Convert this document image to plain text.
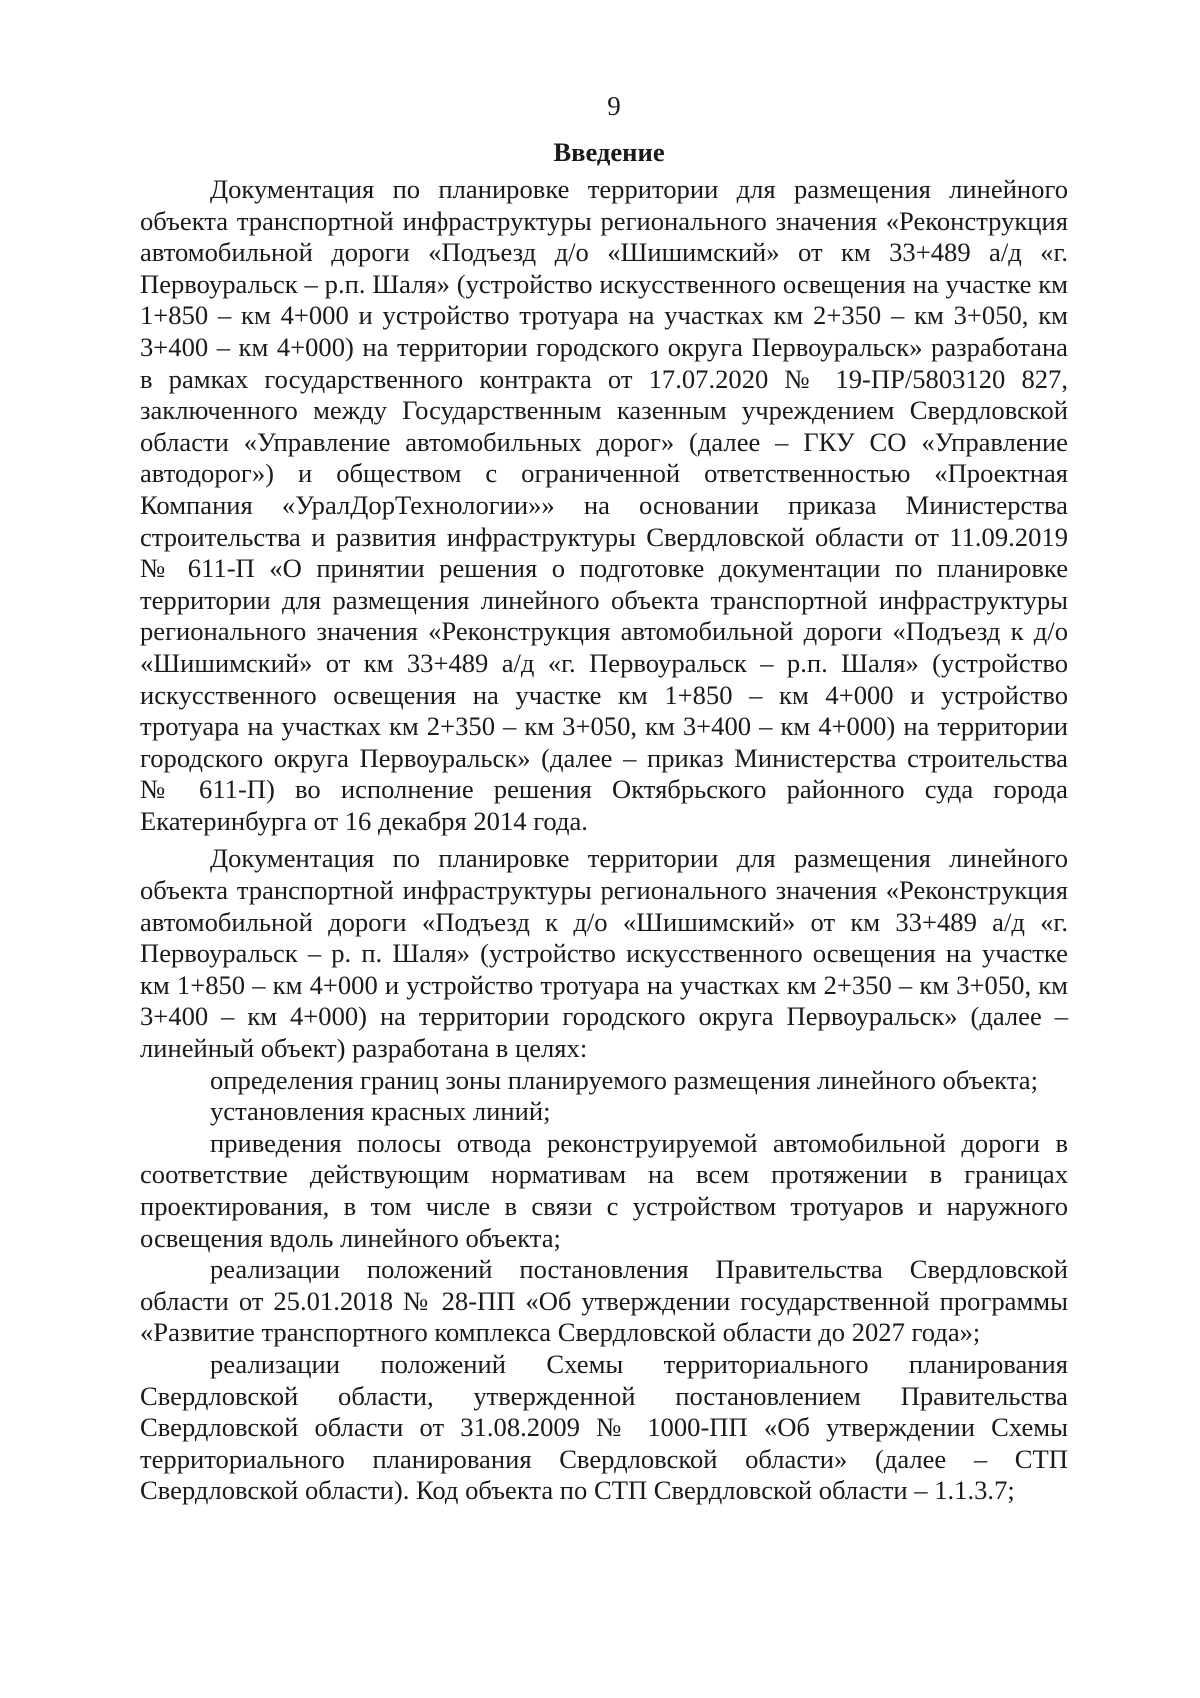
9
Введение

Документация по планировке территории для размещения линейного объекта транспортной инфраструктуры регионального значения «Реконструкция автомобильной дороги «Подъезд д/о «Шишимский» от км 33+489 а/д «г. Первоуральск – р.п. Шаля» (устройство искусственного освещения на участке км 1+850 – км 4+000 и устройство тротуара на участках км 2+350 – км 3+050, км 3+400 – км 4+000) на территории городского округа Первоуральск» разработана в рамках государственного контракта от 17.07.2020 № 19-ПР/5803120 827, заключенного между Государственным казенным учреждением Свердловской области «Управление автомобильных дорог» (далее – ГКУ СО «Управление автодорог») и обществом с ограниченной ответственностью «Проектная Компания «УралДорТехнологии»» на основании приказа Министерства строительства и развития инфраструктуры Свердловской области от 11.09.2019 № 611-П «О принятии решения о подготовке документации по планировке территории для размещения линейного объекта транспортной инфраструктуры регионального значения «Реконструкция автомобильной дороги «Подъезд к д/о «Шишимский» от км 33+489 а/д «г. Первоуральск – р.п. Шаля» (устройство искусственного освещения на участке км 1+850 – км 4+000 и устройство тротуара на участках км 2+350 – км 3+050, км 3+400 – км 4+000) на территории городского округа Первоуральск» (далее – приказ Министерства строительства № 611-П) во исполнение решения Октябрьского районного суда города Екатеринбурга от 16 декабря 2014 года.

Документация по планировке территории для размещения линейного объекта транспортной инфраструктуры регионального значения «Реконструкция автомобильной дороги «Подъезд к д/о «Шишимский» от км 33+489 а/д «г. Первоуральск – р. п. Шаля» (устройство искусственного освещения на участке км 1+850 – км 4+000 и устройство тротуара на участках км 2+350 – км 3+050, км 3+400 – км 4+000) на территории городского округа Первоуральск» (далее – линейный объект) разработана в целях:

определения границ зоны планируемого размещения линейного объекта;

установления красных линий;

приведения полосы отвода реконструируемой автомобильной дороги в соответствие действующим нормативам на всем протяжении в границах проектирования, в том числе в связи с устройством тротуаров и наружного освещения вдоль линейного объекта;

реализации положений постановления Правительства Свердловской области от 25.01.2018 № 28-ПП «Об утверждении государственной программы «Развитие транспортного комплекса Свердловской области до 2027 года»;

реализации положений Схемы территориального планирования Свердловской области, утвержденной постановлением Правительства Свердловской области от 31.08.2009 № 1000-ПП «Об утверждении Схемы территориального планирования Свердловской области» (далее – СТП Свердловской области). Код объекта по СТП Свердловской области – 1.1.3.7;
